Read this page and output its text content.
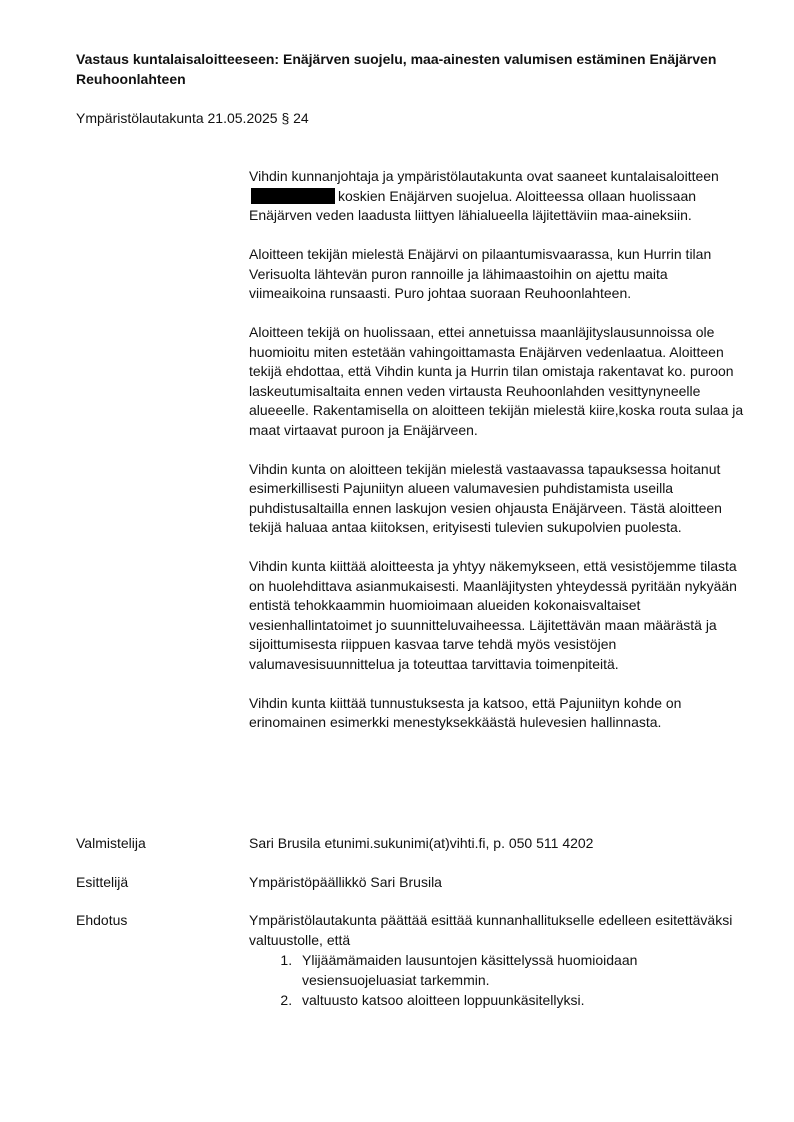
Vastaus kuntalaisaloitteeseen: Enäjärven suojelu, maa-ainesten valumisen estäminen Enäjärven Reuhoonlahteen
Ympäristölautakunta 21.05.2025 § 24

Vihdin kunnanjohtaja ja ympäristölautakunta ovat saaneet kuntalaisaloitteenkoskien Enäjärven suojelua. Aloitteessa ollaan huolissaan Enäjärven veden laadusta liittyen lähialueella läjitettäviin maa-aineksiin.

Aloitteen tekijän mielestä Enäjärvi on pilaantumisvaarassa, kun Hurrin tilan Verisuolta lähtevän puron rannoille ja lähimaastoihin on ajettu maita viimeaikoina runsaasti. Puro johtaa suoraan Reuhoonlahteen.

Aloitteen tekijä on huolissaan, ettei annetuissa maanläjityslausunnoissa ole huomioitu miten estetään vahingoittamasta Enäjärven vedenlaatua. Aloitteen tekijä ehdottaa, että Vihdin kunta ja Hurrin tilan omistaja rakentavat ko. puroon laskeutumisaltaita ennen veden virtausta Reuhoonlahden vesittynyneelle alueeelle. Rakentamisella on aloitteen tekijän mielestä kiire,koska routa sulaa ja maat virtaavat puroon ja Enäjärveen.

Vihdin kunta on aloitteen tekijän mielestä vastaavassa tapauksessa hoitanut esimerkillisesti Pajuniityn alueen valumavesien puhdistamista useilla puhdistusaltailla ennen laskujon vesien ohjausta Enäjärveen. Tästä aloitteen tekijä haluaa antaa kiitoksen, erityisesti tulevien sukupolvien puolesta.

Vihdin kunta kiittää aloitteesta ja yhtyy näkemykseen, että vesistöjemme tilasta on huolehdittava asianmukaisesti. Maanläjitysten yhteydessä pyritään nykyään entistä tehokkaammin huomioimaan alueiden kokonaisvaltaiset vesienhallintatoimet jo suunnitteluvaiheessa. Läjitettävän maan määrästä ja sijoittumisesta riippuen kasvaa tarve tehdä myös vesistöjen valumavesisuunnittelua ja toteuttaa tarvittavia toimenpiteitä.

Vihdin kunta kiittää tunnustuksesta ja katsoo, että Pajuniityn kohde on erinomainen esimerkki menestyksekkäästä hulevesien hallinnasta.

Valmistelija	Sari Brusila etunimi.sukunimi(at)vihti.fi, p. 050 511 4202
Esittelijä	Ympäristöpäällikkö Sari Brusila
Ehdotus	Ympäristölautakunta päättää esittää kunnanhallitukselle edelleen esitettäväksi valtuustolle, että
1. Ylijäämämaiden lausuntojen käsittelyssä huomioidaan vesiensuojeluasiat tarkemmin.
2. valtuusto katsoo aloitteen loppuunkäsitellyksi.
